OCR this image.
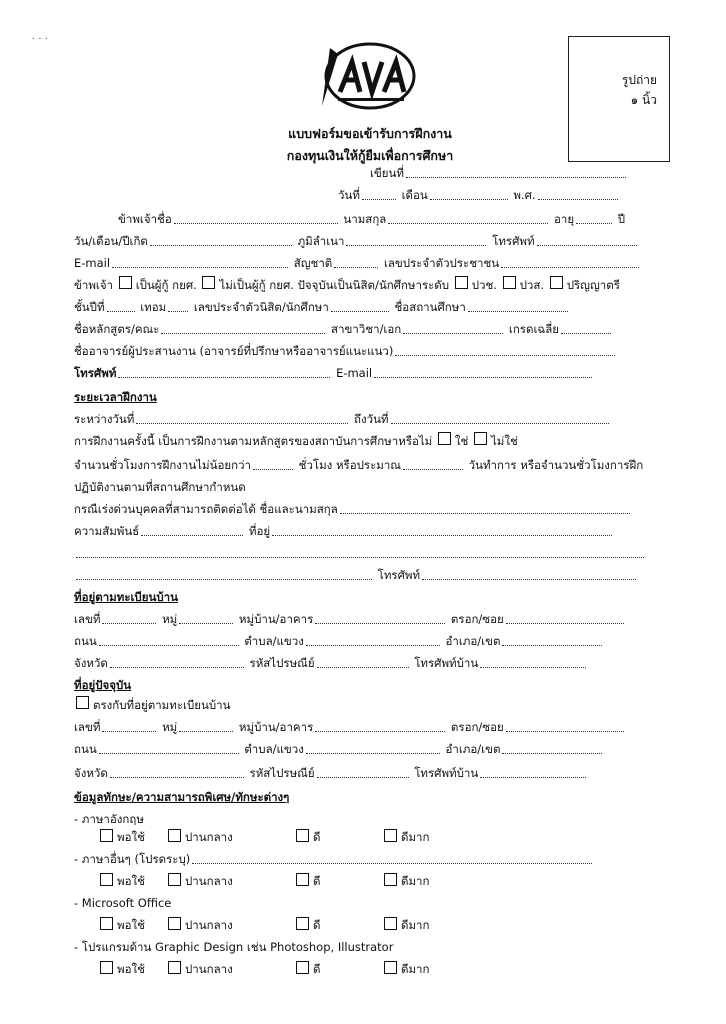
· · ·
รูปถ่าย
๑ นิ้ว
แบบฟอร์มขอเข้ารับการฝึกงาน
กองทุนเงินให้กู้ยืมเพื่อการศึกษา
เขียนที่
วันที่	เดือน	พ.ศ.
ข้าพเจ้าชื่อ	นามสกุล	อายุ	ปี
วัน/เดือน/ปีเกิด	ภูมิลำเนา	โทรศัพท์
E-mail	สัญชาติ	เลขประจำตัวประชาชน
ข้าพเจ้า เป็นผู้กู้ กยศ. ไม่เป็นผู้กู้ กยศ. ปัจจุบันเป็นนิสิต/นักศึกษาระดับ ปวช. ปวส. ปริญญาตรี
ชั้นปีที่	เทอม เลขประจำตัวนิสิต/นักศึกษา	ชื่อสถานศึกษา
ชื่อหลักสูตร/คณะ	สาขาวิชา/เอก	เกรดเฉลี่ย
ชื่ออาจารย์ผู้ประสานงาน (อาจารย์ที่ปรึกษาหรืออาจารย์แนะแนว)
โทรศัพท์	E-mail
ระยะเวลาฝึกงาน
ระหว่างวันที่	ถึงวันที่
การฝึกงานครั้งนี้ เป็นการฝึกงานตามหลักสูตรของสถาบันการศึกษาหรือไม่ ใช่ ไม่ใช่
จำนวนชั่วโมงการฝึกงานไม่น้อยกว่า	ชั่วโมง หรือประมาณ	วันทำการ หรือจำนวนชั่วโมงการฝึก
ปฏิบัติงานตามที่สถานศึกษากำหนด
กรณีเร่งด่วนบุคคลที่สามารถติดต่อได้ ชื่อและนามสกุล
ความสัมพันธ์	ที่อยู่
โทรศัพท์
ที่อยู่ตามทะเบียนบ้าน
เลขที่	หมู่	หมู่บ้าน/อาคาร	ตรอก/ซอย
ถนน	ตำบล/แขวง	อำเภอ/เขต
จังหวัด	รหัสไปรษณีย์	โทรศัพท์บ้าน
ที่อยู่ปัจจุบัน
ตรงกับที่อยู่ตามทะเบียนบ้าน
เลขที่	หมู่	หมู่บ้าน/อาคาร	ตรอก/ซอย
ถนน	ตำบล/แขวง	อำเภอ/เขต
จังหวัด	รหัสไปรษณีย์	โทรศัพท์บ้าน
ข้อมูลทักษะ/ความสามารถพิเศษ/ทักษะต่างๆ
- ภาษาอังกฤษ
พอใช้	ปานกลาง	ดี	ดีมาก
- ภาษาอื่นๆ (โปรดระบุ)
พอใช้	ปานกลาง	ดี	ดีมาก
- Microsoft Office
พอใช้	ปานกลาง	ดี	ดีมาก
- โปรแกรมด้าน Graphic Design เช่น Photoshop, Illustrator
พอใช้	ปานกลาง	ดี	ดีมาก
